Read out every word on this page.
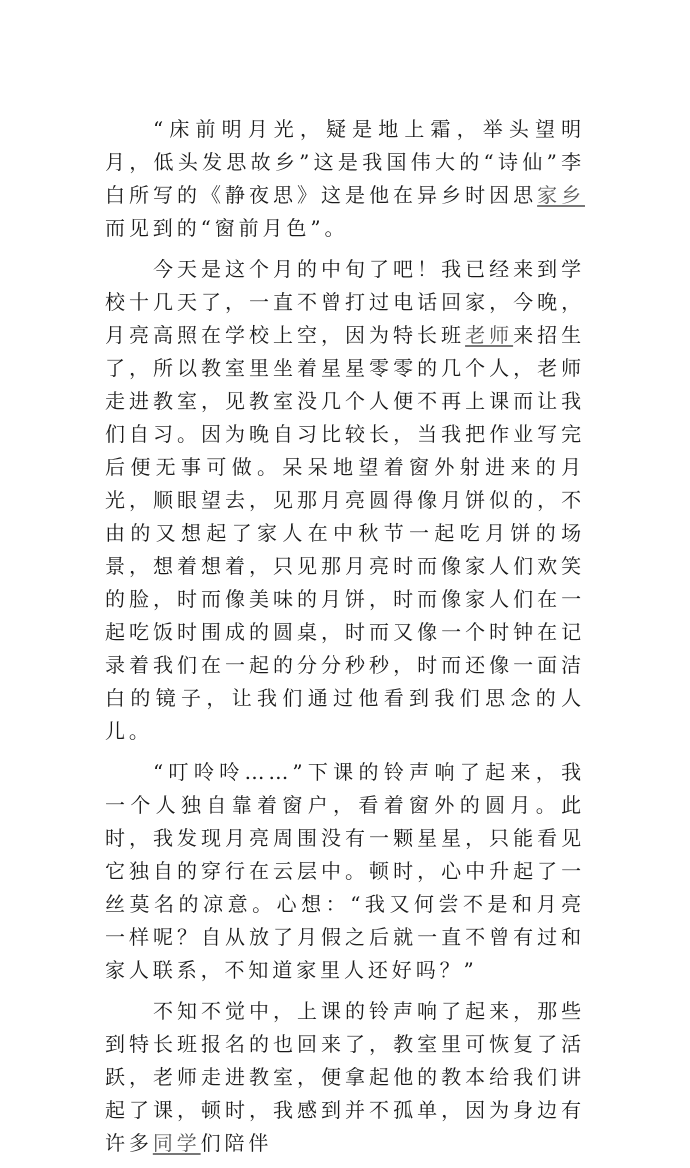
“床前明月光，疑是地上霜，举头望明月，低头发思故乡”这是我国伟大的“诗仙”李白所写的《静夜思》这是他在异乡时因思家乡而见到的“窗前月色”。

今天是这个月的中旬了吧！我已经来到学校十几天了，一直不曾打过电话回家，今晚，月亮高照在学校上空，因为特长班老师来招生了，所以教室里坐着星星零零的几个人，老师走进教室，见教室没几个人便不再上课而让我们自习。因为晚自习比较长，当我把作业写完后便无事可做。呆呆地望着窗外射进来的月光，顺眼望去，见那月亮圆得像月饼似的，不由的又想起了家人在中秋节一起吃月饼的场景，想着想着，只见那月亮时而像家人们欢笑的脸，时而像美味的月饼，时而像家人们在一起吃饭时围成的圆桌，时而又像一个时钟在记录着我们在一起的分分秒秒，时而还像一面洁白的镜子，让我们通过他看到我们思念的人儿。

“叮呤呤……”下课的铃声响了起来，我一个人独自靠着窗户，看着窗外的圆月。此时，我发现月亮周围没有一颗星星，只能看见它独自的穿行在云层中。顿时，心中升起了一丝莫名的凉意。心想：“我又何尝不是和月亮一样呢？自从放了月假之后就一直不曾有过和家人联系，不知道家里人还好吗？”

不知不觉中，上课的铃声响了起来，那些到特长班报名的也回来了，教室里可恢复了活跃，老师走进教室，便拿起他的教本给我们讲起了课，顿时，我感到并不孤单，因为身边有许多同学们陪伴
